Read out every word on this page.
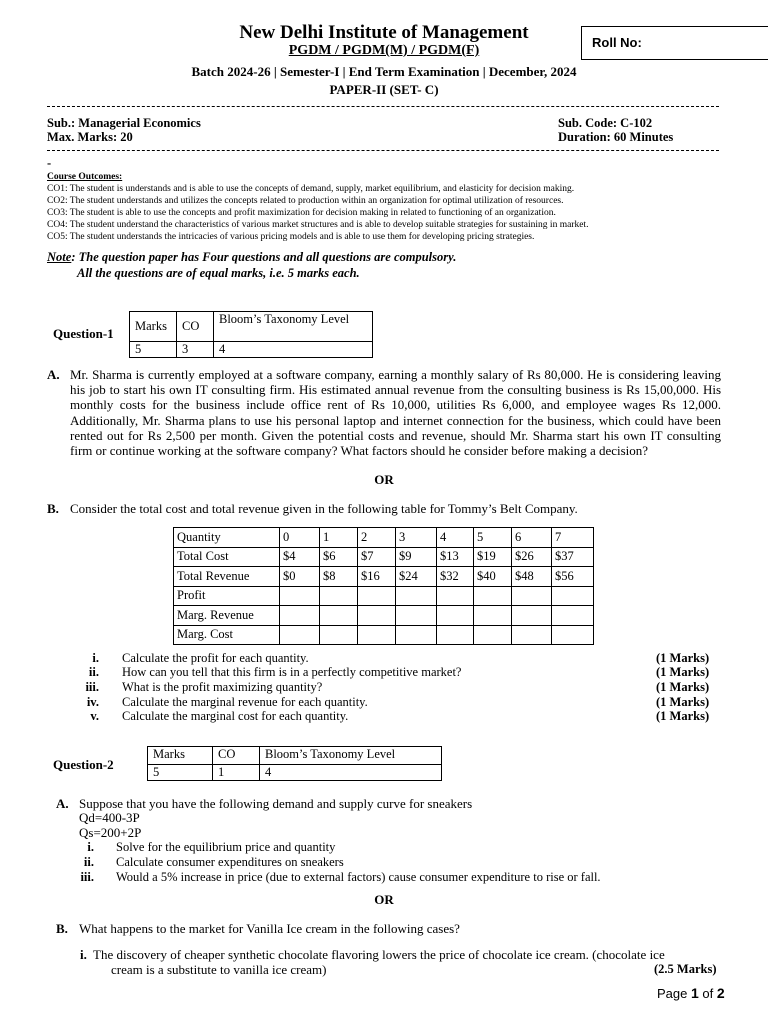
New Delhi Institute of Management
PGDM / PGDM(M) / PGDM(F)
Batch 2024-26 | Semester-I | End Term Examination | December, 2024
PAPER-II (SET- C)
Roll No:
Sub.: Managerial Economics
Max. Marks: 20
Sub. Code: C-102
Duration: 60 Minutes
-
Course Outcomes:
CO1: The student is understands and is able to use the concepts of demand, supply, market equilibrium, and elasticity for decision making.
CO2: The student understands and utilizes the concepts related to production within an organization for optimal utilization of resources.
CO3: The student is able to use the concepts and profit maximization for decision making in related to functioning of an organization.
CO4: The student understand the characteristics of various market structures and is able to develop suitable strategies for sustaining in market.
CO5: The student understands the intricacies of various pricing models and is able to use them for developing pricing strategies.
Note: The question paper has Four questions and all questions are compulsory.
All the questions are of equal marks, i.e. 5 marks each.
Question-1 Marks	CO	Bloom’s Taxonomy Level
5	3	4
A. Mr. Sharma is currently employed at a software company, earning a monthly salary of Rs 80,000. He is considering leaving his job to start his own IT consulting firm. His estimated annual revenue from the consulting business is Rs 15,00,000. His monthly costs for the business include office rent of Rs 10,000, utilities Rs 6,000, and employee wages Rs 12,000. Additionally, Mr. Sharma plans to use his personal laptop and internet connection for the business, which could have been rented out for Rs 2,500 per month. Given the potential costs and revenue, should Mr. Sharma start his own IT consulting firm or continue working at the software company? What factors should he consider before making a decision?
OR
B. Consider the total cost and total revenue given in the following table for Tommy’s Belt Company.
Quantity	0	1	2	3	4	5	6	7
Total Cost	$4	$6	$7	$9	$13	$19	$26	$37
Total Revenue	$0	$8	$16	$24	$32	$40	$48	$56
Profit								
Marg. Revenue								
Marg. Cost								
i. Calculate the profit for each quantity.	(1 Marks)
ii. How can you tell that this firm is in a perfectly competitive market?	(1 Marks)
iii. What is the profit maximizing quantity?	(1 Marks)
iv. Calculate the marginal revenue for each quantity.	(1 Marks)
v. Calculate the marginal cost for each quantity.	(1 Marks)
Question-2
Marks	CO	Bloom’s Taxonomy Level
5	1	4
A. Suppose that you have the following demand and supply curve for sneakers
Qd=400-3P
Qs=200+2P
i. Solve for the equilibrium price and quantity
ii. Calculate consumer expenditures on sneakers
iii. Would a 5% increase in price (due to external factors) cause consumer expenditure to rise or fall.
OR
B. What happens to the market for Vanilla Ice cream in the following cases?
i. The discovery of cheaper synthetic chocolate flavoring lowers the price of chocolate ice cream. (chocolate ice
cream is a substitute to vanilla ice cream)	(2.5 Marks)
Page 1 of 2
